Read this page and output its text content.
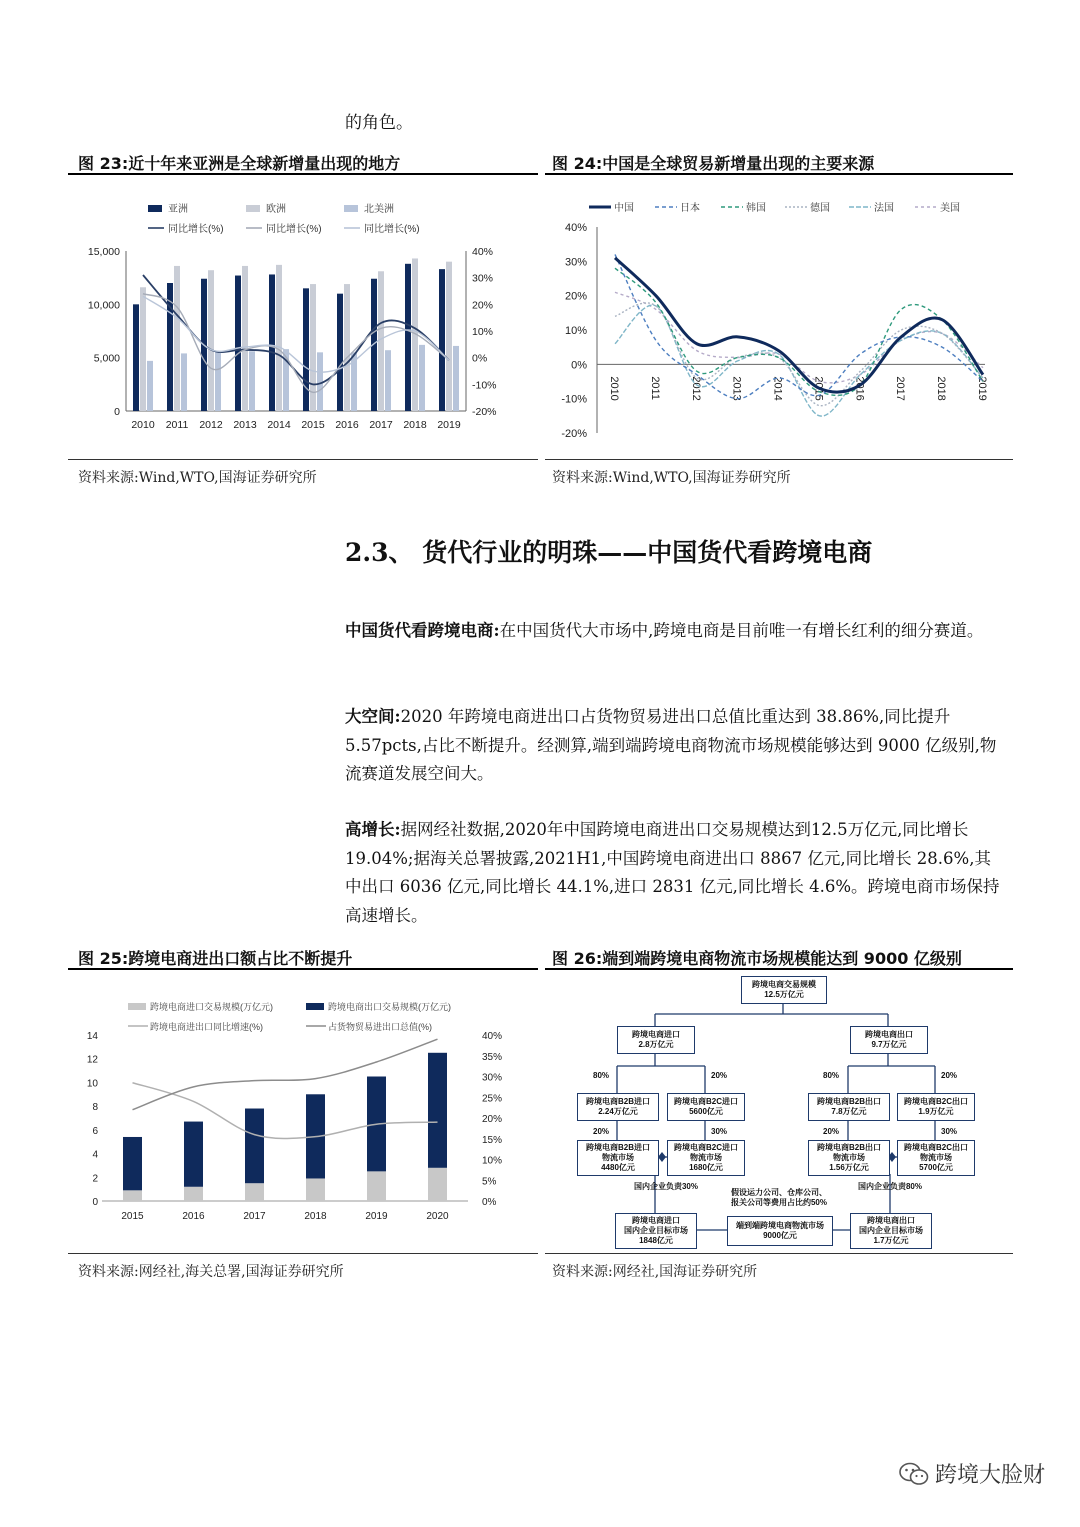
的角色。
图 23:近十年来亚洲是全球新增量出现的地方
亚洲	欧洲	北美洲
同比增长(%)	同比增长(%)	同比增长(%)
15,000
10,000
5,000
0
40%
30%
20%
10%
0%
-10%
-20%
2010 2011 2012 2013 2014 2015 2016 2017 2018 2019
资料来源:Wind,WTO,国海证券研究所
图 24:中国是全球贸易新增量出现的主要来源
中国	日本	韩国	德国	法国	美国
40%
30%
20%
10%
0%
-10%
-20%
2010	2011	2012	2013	2014	2015	2016	2017	2018	2019
资料来源:Wind,WTO,国海证券研究所
2.3、 货代行业的明珠——中国货代看跨境电商
中国货代看跨境电商:在中国货代大市场中,跨境电商是目前唯一有增长红利的细分赛道。
大空间:2020 年跨境电商进出口占货物贸易进出口总值比重达到 38.86%,同比提升 5.57pcts,占比不断提升。经测算,端到端跨境电商物流市场规模能够达到 9000 亿级别,物流赛道发展空间大。
高增长:据网经社数据,2020年中国跨境电商进出口交易规模达到12.5万亿元,同比增长 19.04%;据海关总署披露,2021H1,中国跨境电商进出口 8867 亿元,同比增长 28.6%,其中出口 6036 亿元,同比增长 44.1%,进口 2831 亿元,同比增长 4.6%。跨境电商市场保持高速增长。
图 25:跨境电商进出口额占比不断提升
跨境电商进口交易规模(万亿元)	跨境电商出口交易规模(万亿元)
跨境电商进出口同比增速(%)	占货物贸易进出口总值(%)
14
12
10
8
6
4
2
0
40%
35%
30%
25%
20%
15%
10%
5%
0%
2015	2016	2017	2018	2019	2020
资料来源:网经社,海关总署,国海证券研究所
图 26:端到端跨境电商物流市场规模能达到 9000 亿级别
跨境电商交易规模
12.5万亿元
跨境电商进口
2.8万亿元
跨境电商出口
9.7万亿元
跨境电商B2B进口
2.24万亿元
跨境电商B2C进口
5600亿元
跨境电商B2B出口
7.8万亿元
跨境电商B2C出口
1.9万亿元
跨境电商B2B进口
物流市场
4480亿元
跨境电商B2C进口
物流市场
1680亿元
跨境电商B2B出口
物流市场
1.56万亿元
跨境电商B2C出口
物流市场
5700亿元
跨境电商进口
国内企业目标市场
1848亿元
端到端跨境电商物流市场
9000亿元
跨境电商出口
国内企业目标市场
1.7万亿元
80%	20%	80%	20%
20%	30%	20%	30%
国内企业负责30%	国内企业负责80%
假设运力公司、仓库公司、
报关公司等费用占比约50%
资料来源:网经社,国海证券研究所
跨境大脸财
